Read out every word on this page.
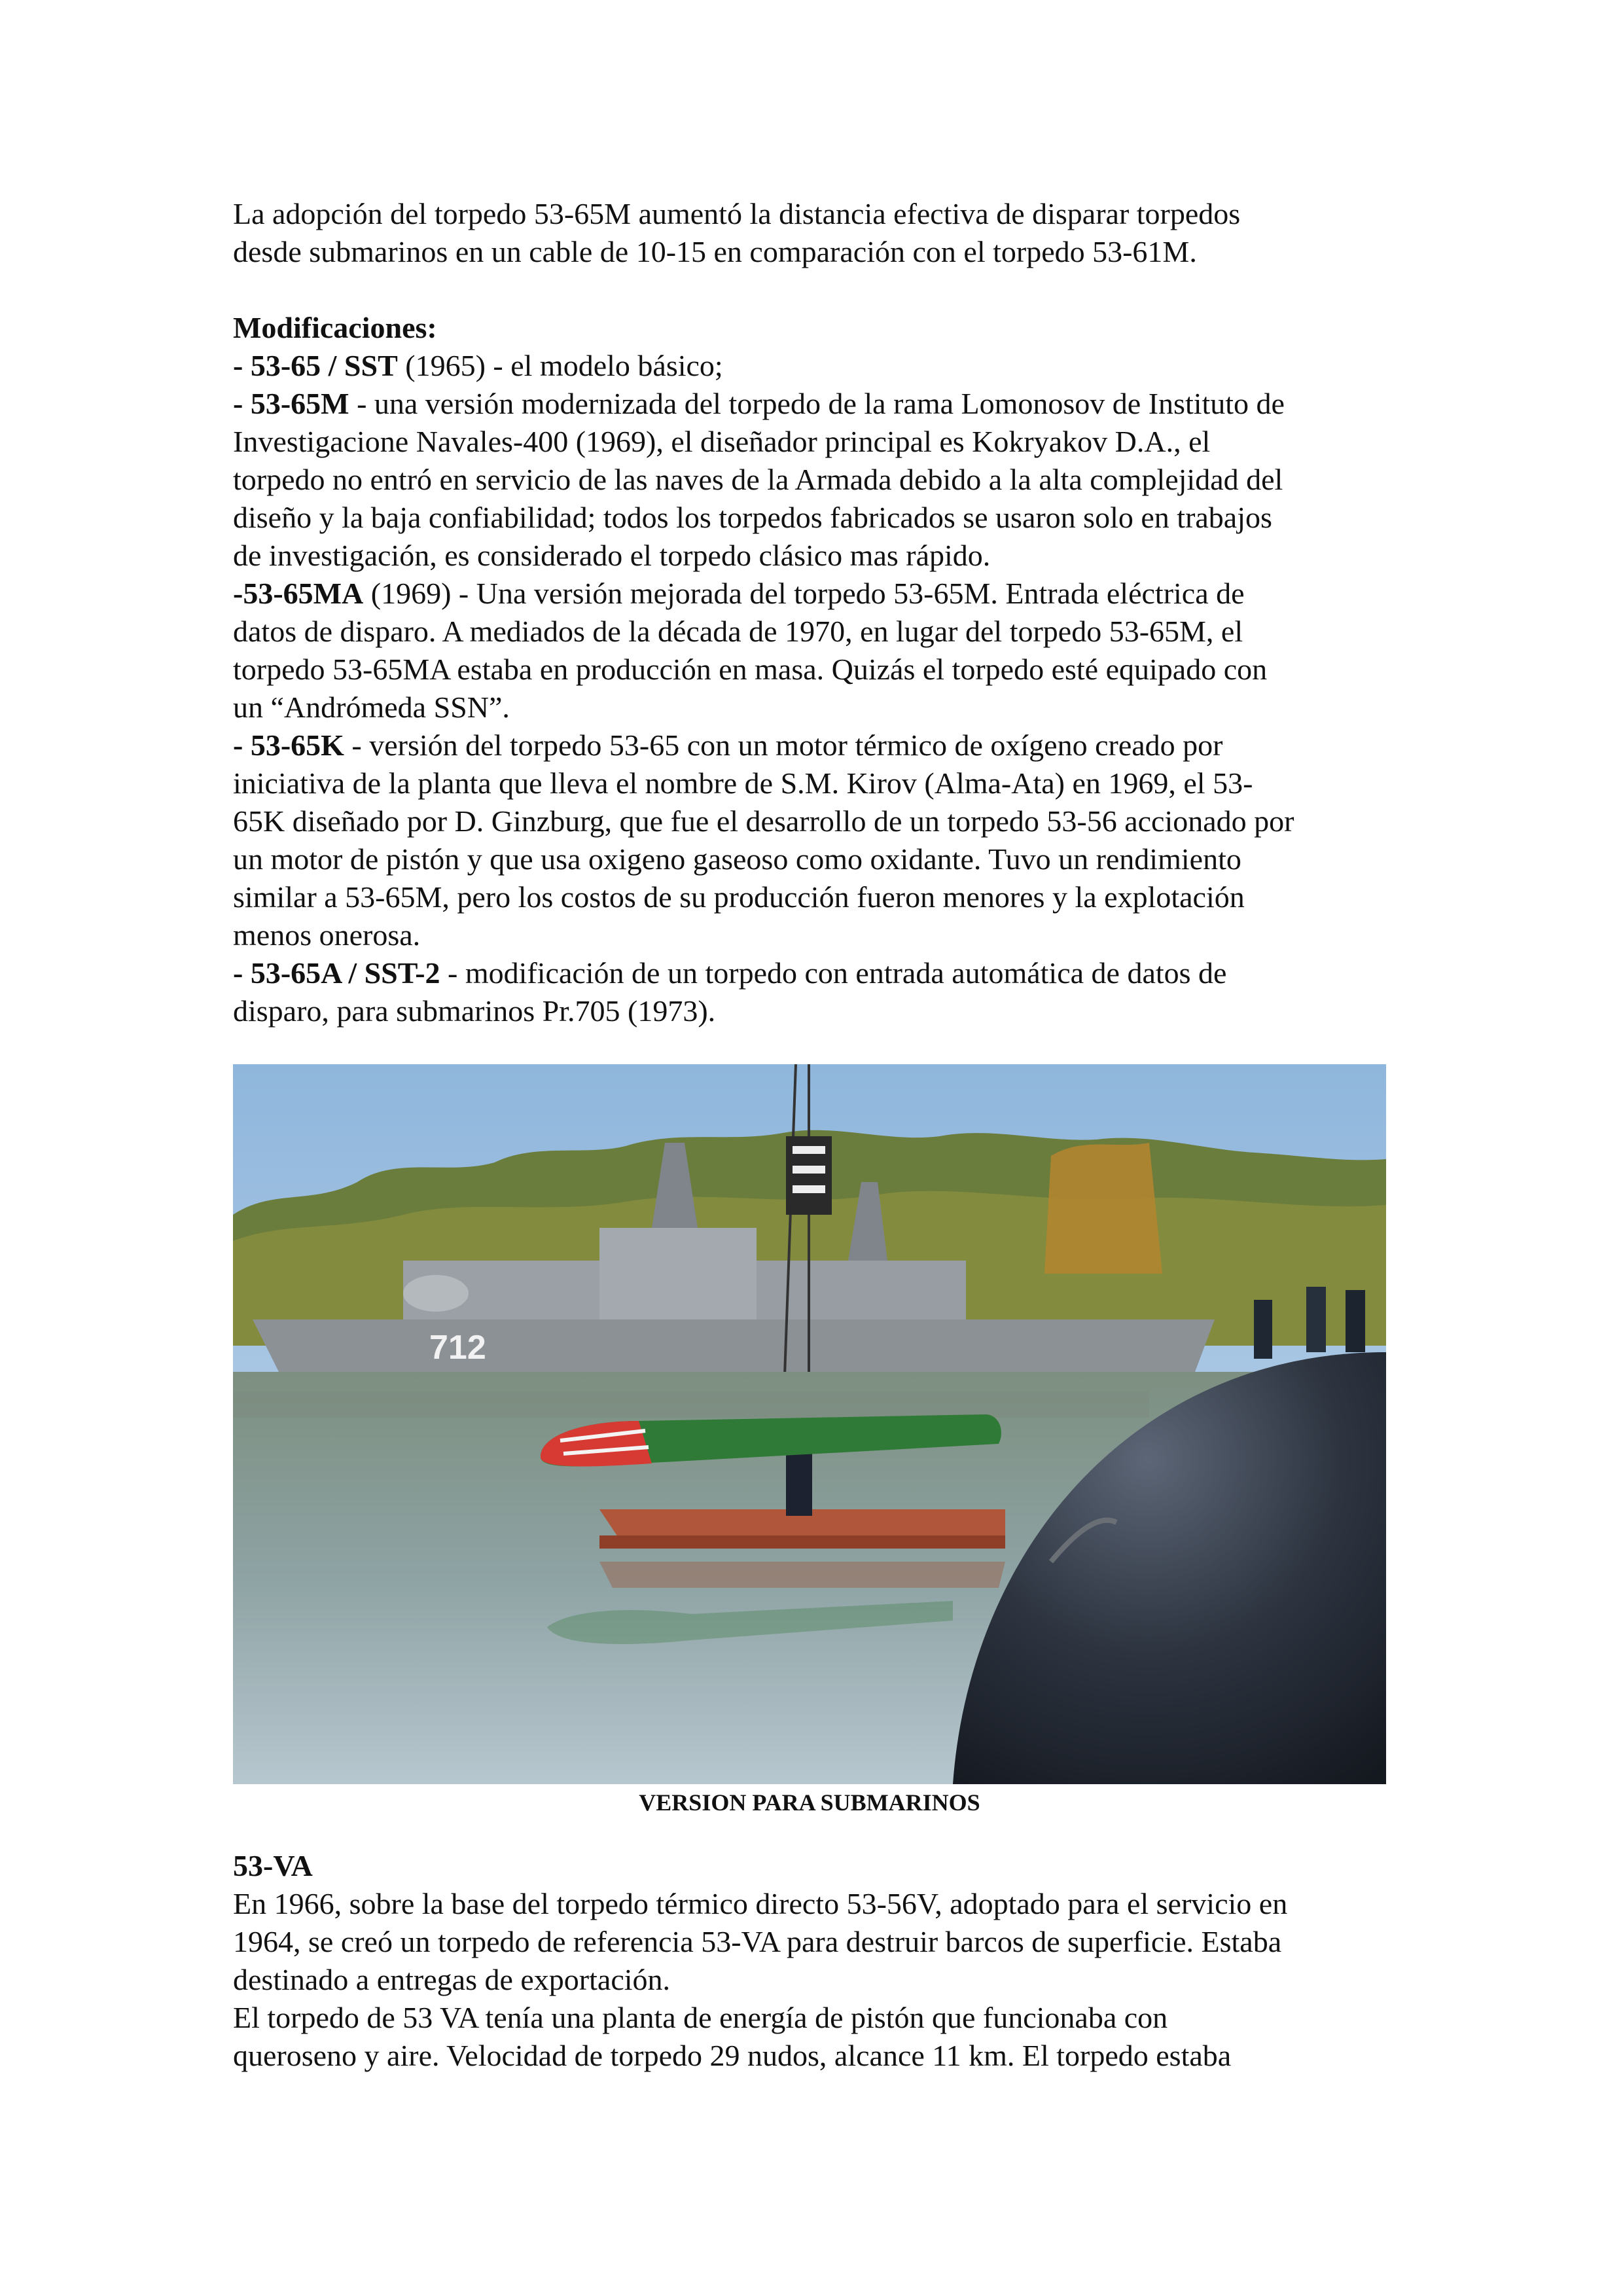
La adopción del torpedo 53-65M aumentó la distancia efectiva de disparar torpedos

desde submarinos en un cable de 10-15 en comparación con el torpedo 53-61M.

Modificaciones:

- 53-65 / SST (1965) - el modelo básico;

- 53-65M - una versión modernizada del torpedo de la rama Lomonosov de Instituto de

Investigacione Navales-400 (1969), el diseñador principal es Kokryakov D.A., el

torpedo no entró en servicio de las naves de la Armada debido a la alta complejidad del

diseño y la baja confiabilidad; todos los torpedos fabricados se usaron solo en trabajos

de investigación, es considerado el torpedo clásico mas rápido.

-53-65MA (1969) - Una versión mejorada del torpedo 53-65M. Entrada eléctrica de

datos de disparo. A mediados de la década de 1970, en lugar del torpedo 53-65M, el

torpedo 53-65MA estaba en producción en masa. Quizás el torpedo esté equipado con

un “Andrómeda SSN”.

- 53-65K - versión del torpedo 53-65 con un motor térmico de oxígeno creado por

iniciativa de la planta que lleva el nombre de S.M. Kirov (Alma-Ata) en 1969, el 53-

65K diseñado por D. Ginzburg, que fue el desarrollo de un torpedo 53-56 accionado por

un motor de pistón y que usa oxigeno gaseoso como oxidante. Tuvo un rendimiento

similar a 53-65M, pero los costos de su producción fueron menores y la explotación

menos onerosa.

- 53-65A / SST-2 - modificación de un torpedo con entrada automática de datos de

disparo, para submarinos Pr.705 (1973).

712
VERSION PARA SUBMARINOS

53-VA

En 1966, sobre la base del torpedo térmico directo 53-56V, adoptado para el servicio en

1964, se creó un torpedo de referencia 53-VA para destruir barcos de superficie. Estaba

destinado a entregas de exportación.

El torpedo de 53 VA tenía una planta de energía de pistón que funcionaba con

queroseno y aire. Velocidad de torpedo 29 nudos, alcance 11 km. El torpedo estaba
